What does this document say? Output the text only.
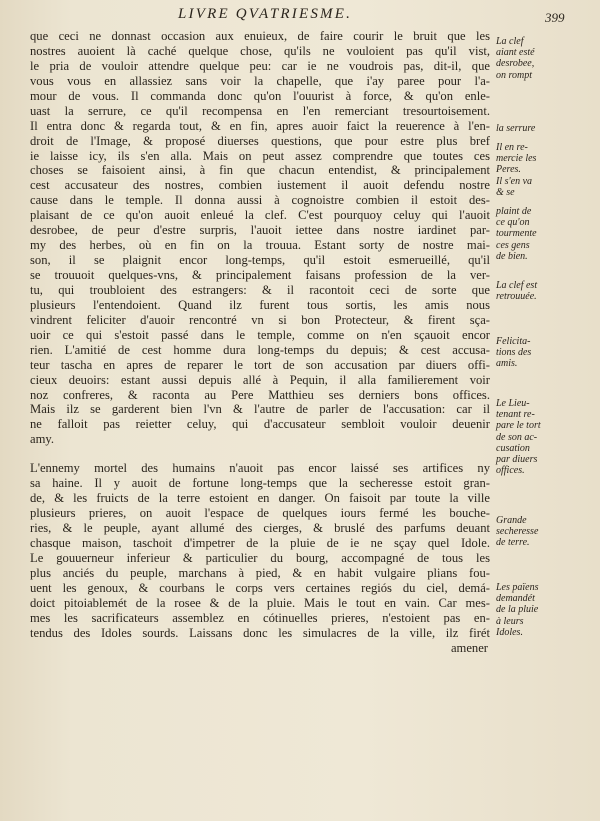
LIVRE QVATRIESME.	399
que ceci ne donnast occasion aux enuieux, de faire courir le bruit que les
nostres auoient là caché quelque chose, qu'ils ne vouloient pas qu'il vist,
le pria de vouloir attendre quelque peu: car ie ne voudrois pas, dit-il, que
vous vous en allassiez sans voir la chapelle, que i'ay paree pour l'a-
mour de vous. Il commanda donc qu'on l'ouurist à force, & qu'on enle-
uast la serrure, ce qu'il recompensa en l'en remerciant tresourtoisement.
Il entra donc & regarda tout, & en fin, apres auoir faict la reuerence à l'en-
droit de l'Image, & proposé diuerses questions, que pour estre plus bref
ie laisse icy, ils s'en alla. Mais on peut assez comprendre que toutes ces
choses se faisoient ainsi, à fin que chacun entendist, & principalement
cest accusateur des nostres, combien iustement il auoit defendu nostre
cause dans le temple. Il donna aussi à cognoistre combien il estoit des-
plaisant de ce qu'on auoit enleué la clef. C'est pourquoy celuy qui l'auoit
desrobee, de peur d'estre surpris, l'auoit iettee dans nostre iardinet par-
my des herbes, où en fin on la trouua. Estant sorty de nostre mai-
son, il se plaignit encor long-temps, qu'il estoit esmerueillé, qu'il
se trouuoit quelques-vns, & principalement faisans profession de la ver-
tu, qui troubloient des estrangers: & il racontoit ceci de sorte que
plusieurs l'entendoient. Quand ilz furent tous sortis, les amis nous
vindrent feliciter d'auoir rencontré vn si bon Protecteur, & firent sça-
uoir ce qui s'estoit passé dans le temple, comme on n'en sçauoit encor
rien. L'amitié de cest homme dura long-temps du depuis; & cest accusa-
teur tascha en apres de reparer le tort de son accusation par diuers offi-
cieux deuoirs: estant aussi depuis allé à Pequin, il alla familierement voir
noz confreres, & raconta au Pere Matthieu ses derniers bons offices.
Mais ilz se garderent bien l'vn & l'autre de parler de l'accusation: car il
ne falloit pas reietter celuy, qui d'accusateur sembloit vouloir deuenir
amy.
L'ennemy mortel des humains n'auoit pas encor laissé ses artifices ny
sa haine. Il y auoit de fortune long-temps que la secheresse estoit gran-
de, & les fruicts de la terre estoient en danger. On faisoit par toute la ville
plusieurs prieres, on auoit l'espace de quelques iours fermé les bouche-
ries, & le peuple, ayant allumé des cierges, & bruslé des parfums deuant
chasque maison, taschoit d'impetrer de la pluie de ie ne sçay quel Idole.
Le gouuerneur inferieur & particulier du bourg, accompagné de tous les
plus anciés du peuple, marchans à pied, & en habit vulgaire plians fou-
uent les genoux, & courbans le corps vers certaines regiós du ciel, demá-
doict pitoiablemét de la rosee & de la pluie. Mais le tout en vain. Car mes-
mes les sacrificateurs assemblez en cótinuelles prieres, n'estoient pas en-
tendus des Idoles sourds. Laissans donc les simulacres de la ville, ilz firét
amener
La clef
aiant esté
desrobee,
on rompt
la serrure
Il en re-
mercie les
Peres.
Il s'en va
& se
plaint de
ce qu'on
tourmente
ces gens
de bien.
La clef est
retrouuée.
Felicita-
tions des
amis.
Le Lieu-
tenant re-
pare le tort
de son ac-
cusation
par diuers
offices.
Grande
secheresse
de terre.
Les païens
demandét
de la pluie
à leurs
Idoles.
